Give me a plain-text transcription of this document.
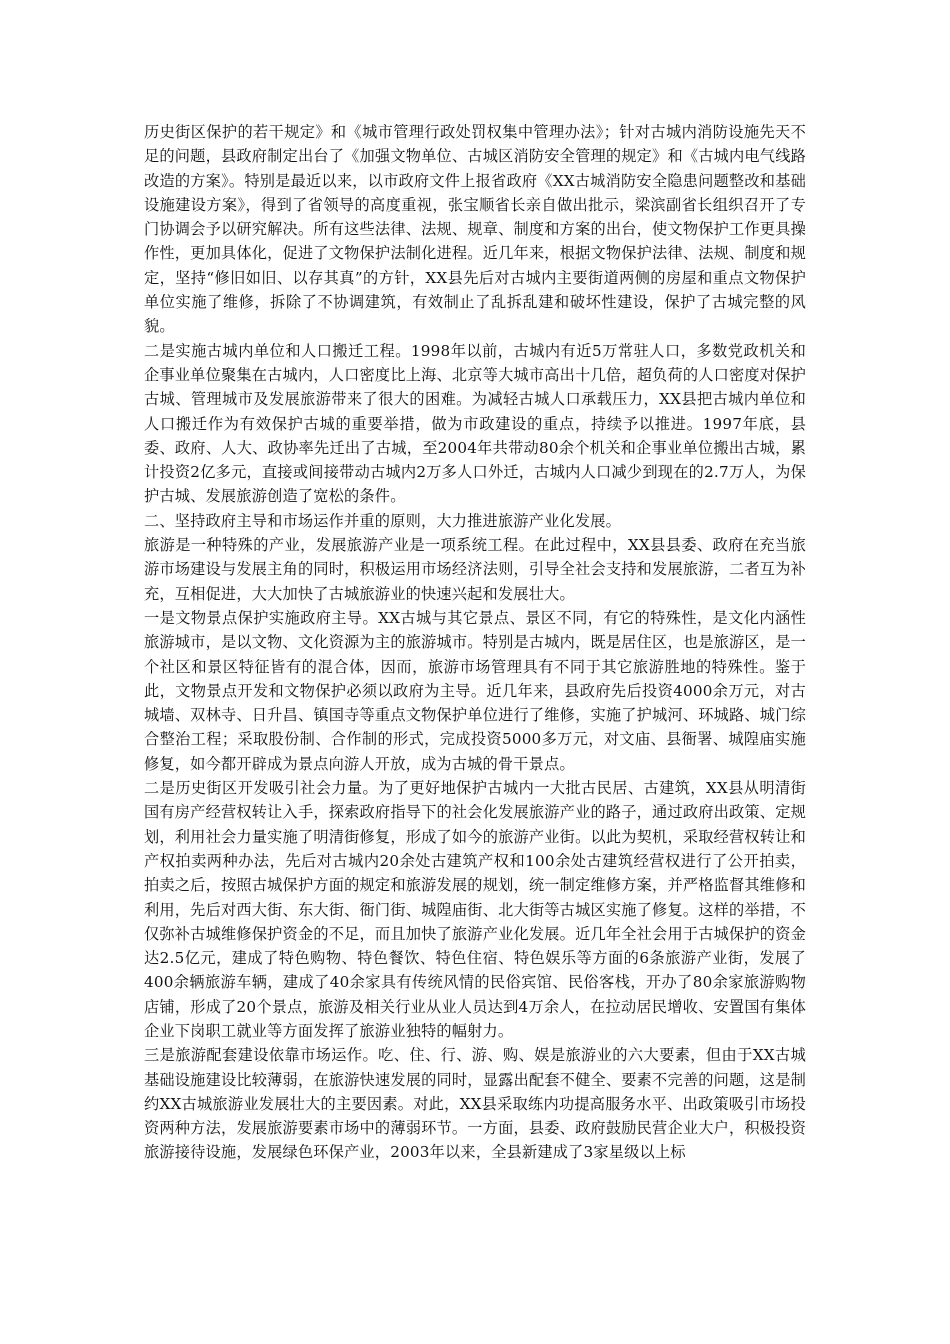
历史街区保护的若干规定》和《城市管理行政处罚权集中管理办法》；针对古城内消防设施先天不足的问题，县政府制定出台了《加强文物单位、古城区消防安全管理的规定》和《古城内电气线路改造的方案》。特别是最近以来，以市政府文件上报省政府《XX古城消防安全隐患问题整改和基础设施建设方案》，得到了省领导的高度重视，张宝顺省长亲自做出批示，梁滨副省长组织召开了专门协调会予以研究解决。所有这些法律、法规、规章、制度和方案的出台，使文物保护工作更具操作性，更加具体化，促进了文物保护法制化进程。近几年来，根据文物保护法律、法规、制度和规定，坚持“修旧如旧、以存其真”的方针，XX县先后对古城内主要街道两侧的房屋和重点文物保护单位实施了维修，拆除了不协调建筑，有效制止了乱拆乱建和破坏性建设，保护了古城完整的风貌。

二是实施古城内单位和人口搬迁工程。1998年以前，古城内有近5万常驻人口，多数党政机关和企事业单位聚集在古城内，人口密度比上海、北京等大城市高出十几倍，超负荷的人口密度对保护古城、管理城市及发展旅游带来了很大的困难。为减轻古城人口承载压力，XX县把古城内单位和人口搬迁作为有效保护古城的重要举措，做为市政建设的重点，持续予以推进。1997年底，县委、政府、人大、政协率先迁出了古城，至2004年共带动80余个机关和企事业单位搬出古城，累计投资2亿多元，直接或间接带动古城内2万多人口外迁，古城内人口减少到现在的2.7万人，为保护古城、发展旅游创造了宽松的条件。

二、坚持政府主导和市场运作并重的原则，大力推进旅游产业化发展。

旅游是一种特殊的产业，发展旅游产业是一项系统工程。在此过程中，XX县县委、政府在充当旅游市场建设与发展主角的同时，积极运用市场经济法则，引导全社会支持和发展旅游，二者互为补充，互相促进，大大加快了古城旅游业的快速兴起和发展壮大。

一是文物景点保护实施政府主导。XX古城与其它景点、景区不同，有它的特殊性，是文化内涵性旅游城市，是以文物、文化资源为主的旅游城市。特别是古城内，既是居住区，也是旅游区，是一个社区和景区特征皆有的混合体，因而，旅游市场管理具有不同于其它旅游胜地的特殊性。鉴于此，文物景点开发和文物保护必须以政府为主导。近几年来，县政府先后投资4000余万元，对古城墙、双林寺、日升昌、镇国寺等重点文物保护单位进行了维修，实施了护城河、环城路、城门综合整治工程；采取股份制、合作制的形式，完成投资5000多万元，对文庙、县衙署、城隍庙实施修复，如今都开辟成为景点向游人开放，成为古城的骨干景点。

二是历史街区开发吸引社会力量。为了更好地保护古城内一大批古民居、古建筑，XX县从明清街国有房产经营权转让入手，探索政府指导下的社会化发展旅游产业的路子，通过政府出政策、定规划，利用社会力量实施了明清街修复，形成了如今的旅游产业街。以此为契机，采取经营权转让和产权拍卖两种办法，先后对古城内20余处古建筑产权和100余处古建筑经营权进行了公开拍卖，拍卖之后，按照古城保护方面的规定和旅游发展的规划，统一制定维修方案，并严格监督其维修和利用，先后对西大街、东大街、衙门街、城隍庙街、北大街等古城区实施了修复。这样的举措，不仅弥补古城维修保护资金的不足，而且加快了旅游产业化发展。近几年全社会用于古城保护的资金达2.5亿元，建成了特色购物、特色餐饮、特色住宿、特色娱乐等方面的6条旅游产业街，发展了400余辆旅游车辆，建成了40余家具有传统风情的民俗宾馆、民俗客栈，开办了80余家旅游购物店铺，形成了20个景点，旅游及相关行业从业人员达到4万余人，在拉动居民增收、安置国有集体企业下岗职工就业等方面发挥了旅游业独特的幅射力。

三是旅游配套建设依靠市场运作。吃、住、行、游、购、娱是旅游业的六大要素，但由于XX古城基础设施建设比较薄弱，在旅游快速发展的同时，显露出配套不健全、要素不完善的问题，这是制约XX古城旅游业发展壮大的主要因素。对此，XX县采取练内功提高服务水平、出政策吸引市场投资两种方法，发展旅游要素市场中的薄弱环节。一方面，县委、政府鼓励民营企业大户，积极投资旅游接待设施，发展绿色环保产业，2003年以来，全县新建成了3家星级以上标
